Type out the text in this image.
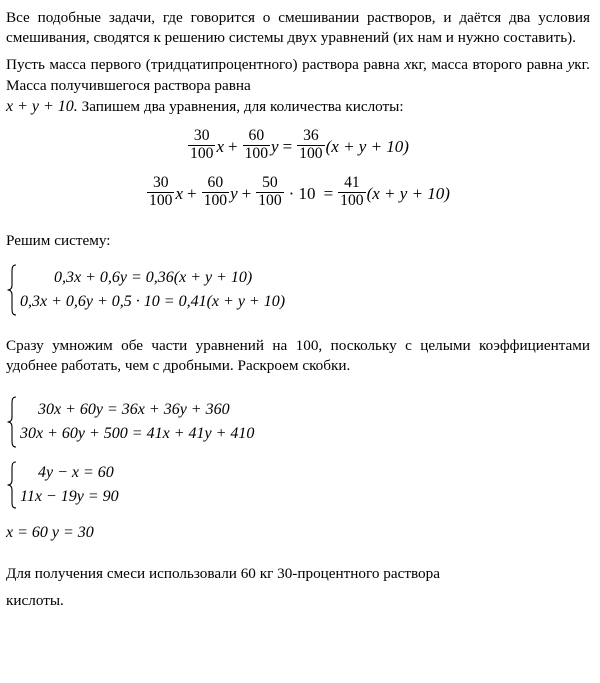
Все подобные задачи, где говорится о смешивании растворов, и даётся два условия смешивания, сводятся к решению системы двух уравнений (их нам и нужно составить).

Пусть масса первого (тридцатипроцентного) раствора равна xкг, масса второго равна yкг. Масса получившегося раствора равна

x + y + 10. Запишем два уравнения, для количества кислоты:

$\frac{30}{100}$ $x + \frac{60}{100}$ $y = \frac{36}{100} (x + y + 10)$
$\frac{30}{100}$ $x + \frac{60}{100}$ $y + \frac{50}{100} \cdot 10 = \frac{41}{100} (x + y + 10)$

Решим систему:

0,3x + 0,6y = 0,36(x + y + 10)
0,3x + 0,6y + 0,5 · 10 = 0,41(x + y + 10)

Сразу умножим обе части уравнений на 100, поскольку с целыми коэффициентами удобнее работать, чем с дробными. Раскроем скобки.

30x + 60y = 36x + 36y + 360
30x + 60y + 500 = 41x + 41y + 410
4y − x = 60
11x − 19y = 90

x = 60 y = 30

Для получения смеси использовали 60 кг 30-процентного раствора

кислоты.
